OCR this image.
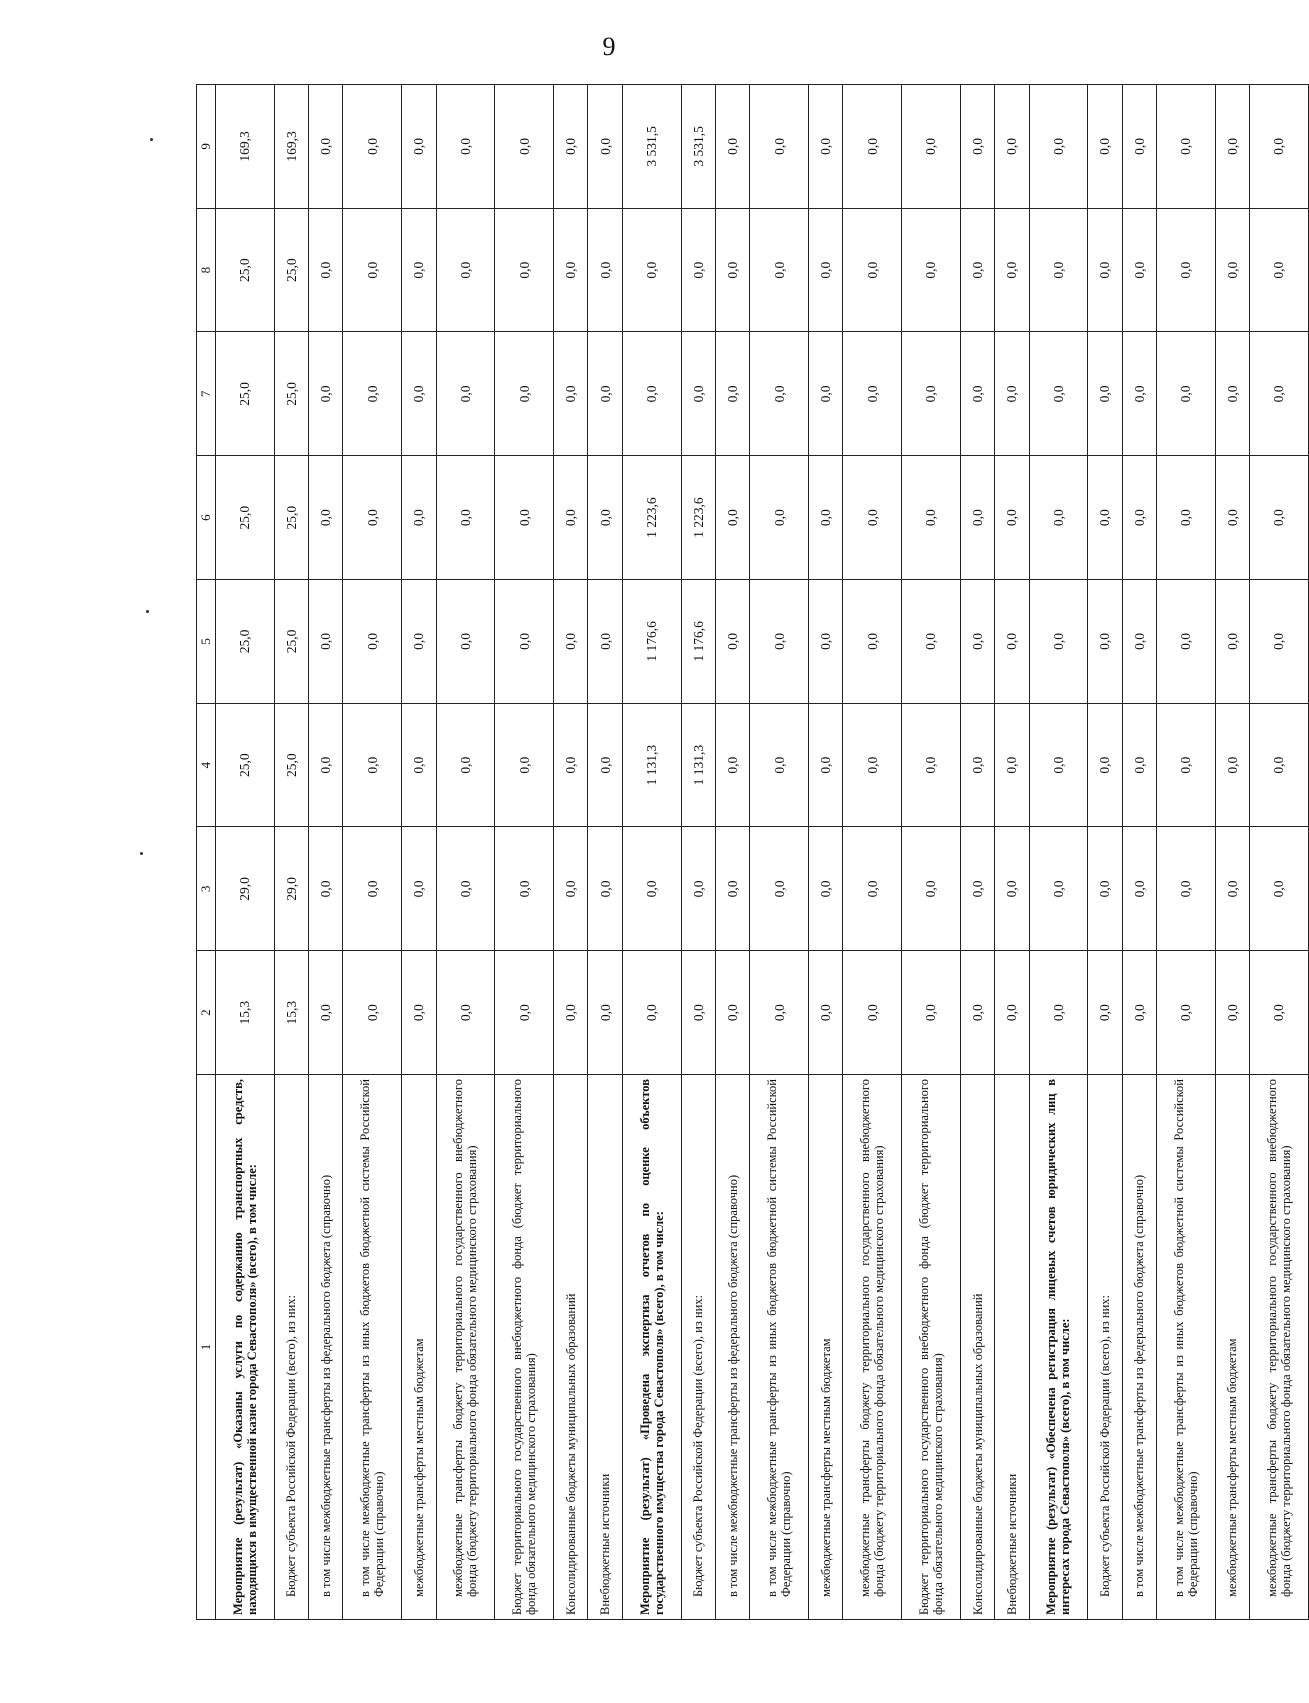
9
1	2	3	4	5	6	7	8	9
Мероприятие (результат) «Оказаны услуги по содержанию транспортных средств, находящихся в имущественной казне города Севастополя» (всего), в том числе:	15,3	29,0	25,0	25,0	25,0	25,0	25,0	169,3
Бюджет субъекта Российской Федерации (всего), из них:	15,3	29,0	25,0	25,0	25,0	25,0	25,0	169,3
в том числе межбюджетные трансферты из федерального бюджета (справочно)	0,0	0,0	0,0	0,0	0,0	0,0	0,0	0,0
в том числе межбюджетные трансферты из иных бюджетов бюджетной системы Российской Федерации (справочно)	0,0	0,0	0,0	0,0	0,0	0,0	0,0	0,0
межбюджетные трансферты местным бюджетам	0,0	0,0	0,0	0,0	0,0	0,0	0,0	0,0
межбюджетные трансферты бюджету территориального государственного внебюджетного фонда (бюджету территориального фонда обязательного медицинского страхования)	0,0	0,0	0,0	0,0	0,0	0,0	0,0	0,0
Бюджет территориального государственного внебюджетного фонда (бюджет территориального фонда обязательного медицинского страхования)	0,0	0,0	0,0	0,0	0,0	0,0	0,0	0,0
Консолидированные бюджеты муниципальных образований	0,0	0,0	0,0	0,0	0,0	0,0	0,0	0,0
Внебюджетные источники	0,0	0,0	0,0	0,0	0,0	0,0	0,0	0,0
Мероприятие (результат) «Проведена экспертиза отчетов по оценке объектов государственного имущества города Севастополя» (всего), в том числе:	0,0	0,0	1 131,3	1 176,6	1 223,6	0,0	0,0	3 531,5
Бюджет субъекта Российской Федерации (всего), из них:	0,0	0,0	1 131,3	1 176,6	1 223,6	0,0	0,0	3 531,5
в том числе межбюджетные трансферты из федерального бюджета (справочно)	0,0	0,0	0,0	0,0	0,0	0,0	0,0	0,0
в том числе межбюджетные трансферты из иных бюджетов бюджетной системы Российской Федерации (справочно)	0,0	0,0	0,0	0,0	0,0	0,0	0,0	0,0
межбюджетные трансферты местным бюджетам	0,0	0,0	0,0	0,0	0,0	0,0	0,0	0,0
межбюджетные трансферты бюджету территориального государственного внебюджетного фонда (бюджету территориального фонда обязательного медицинского страхования)	0,0	0,0	0,0	0,0	0,0	0,0	0,0	0,0
Бюджет территориального государственного внебюджетного фонда (бюджет территориального фонда обязательного медицинского страхования)	0,0	0,0	0,0	0,0	0,0	0,0	0,0	0,0
Консолидированные бюджеты муниципальных образований	0,0	0,0	0,0	0,0	0,0	0,0	0,0	0,0
Внебюджетные источники	0,0	0,0	0,0	0,0	0,0	0,0	0,0	0,0
Мероприятие (результат) «Обеспечена регистрация лицевых счетов юридических лиц в интересах города Севастополя» (всего), в том числе:	0,0	0,0	0,0	0,0	0,0	0,0	0,0	0,0
Бюджет субъекта Российской Федерации (всего), из них:	0,0	0,0	0,0	0,0	0,0	0,0	0,0	0,0
в том числе межбюджетные трансферты из федерального бюджета (справочно)	0,0	0,0	0,0	0,0	0,0	0,0	0,0	0,0
в том числе межбюджетные трансферты из иных бюджетов бюджетной системы Российской Федерации (справочно)	0,0	0,0	0,0	0,0	0,0	0,0	0,0	0,0
межбюджетные трансферты местным бюджетам	0,0	0,0	0,0	0,0	0,0	0,0	0,0	0,0
межбюджетные трансферты бюджету территориального государственного внебюджетного фонда (бюджету территориального фонда обязательного медицинского страхования)	0,0	0,0	0,0	0,0	0,0	0,0	0,0	0,0
